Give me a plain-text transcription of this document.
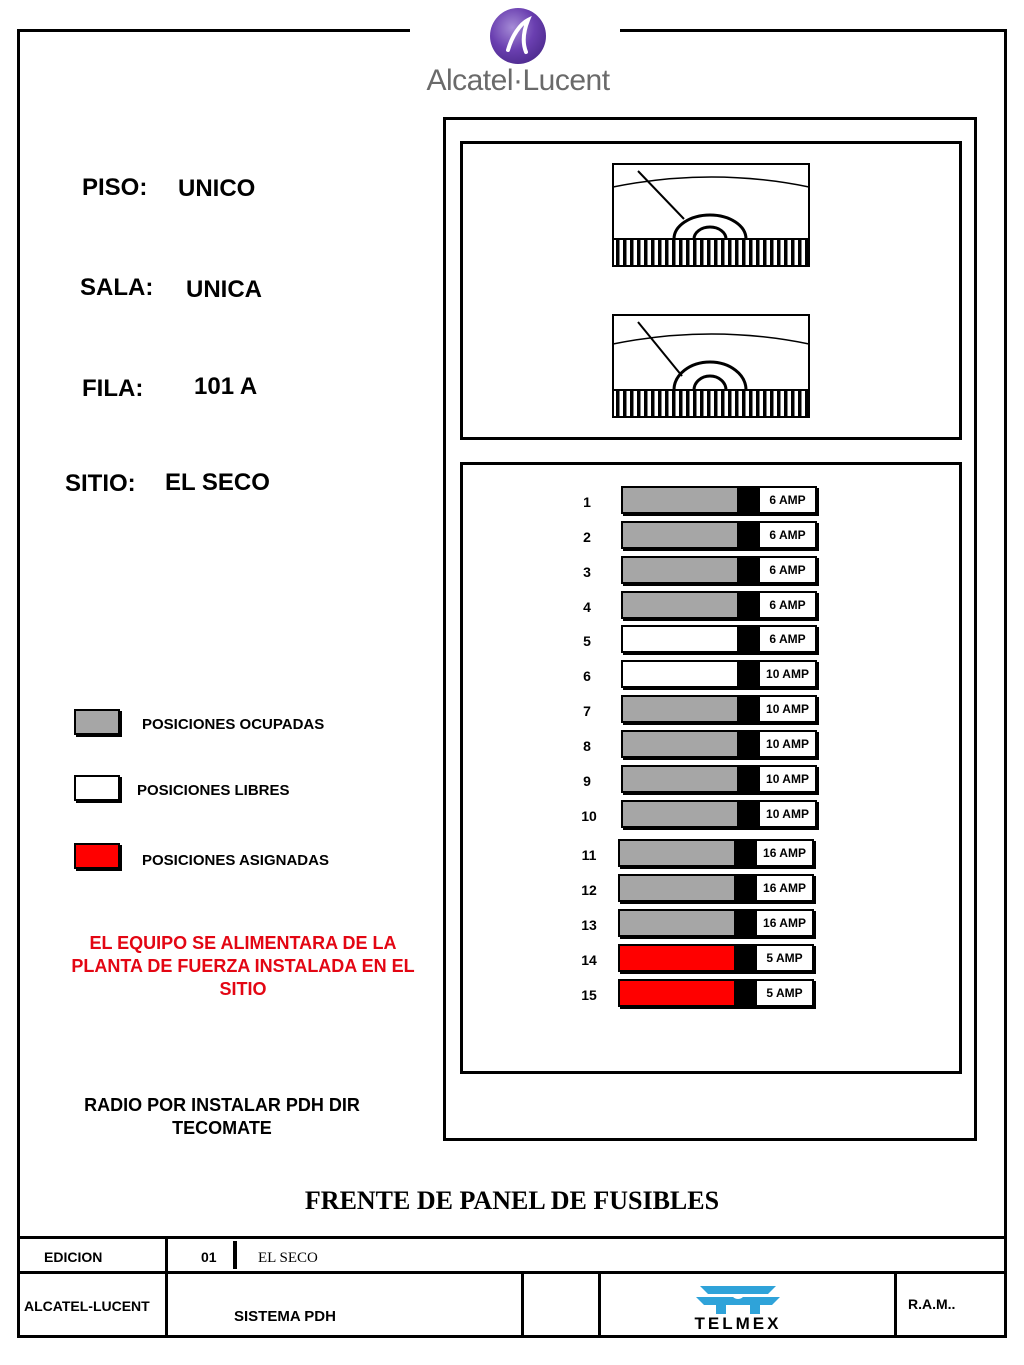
Alcatel·Lucent
PISO: UNICO
SALA: UNICA
FILA: 101 A
SITIO: EL SECO
POSICIONES OCUPADAS
POSICIONES LIBRES
POSICIONES ASIGNADAS
EL EQUIPO SE ALIMENTARA DE LA
PLANTA DE FUERZA INSTALADA EN EL
SITIO
RADIO POR INSTALAR PDH DIR
TECOMATE
1	6 AMP
2	6 AMP
3	6 AMP
4	6 AMP
5	6 AMP
6	10 AMP
7	10 AMP
8	10 AMP
9	10 AMP
10	10 AMP
11	16 AMP
12	16 AMP
13	16 AMP
14	5 AMP
15	5 AMP
FRENTE DE PANEL DE FUSIBLES
EDICION	01	EL SECO
ALCATEL-LUCENT
SISTEMA PDH
R.A.M..
TELMEX
